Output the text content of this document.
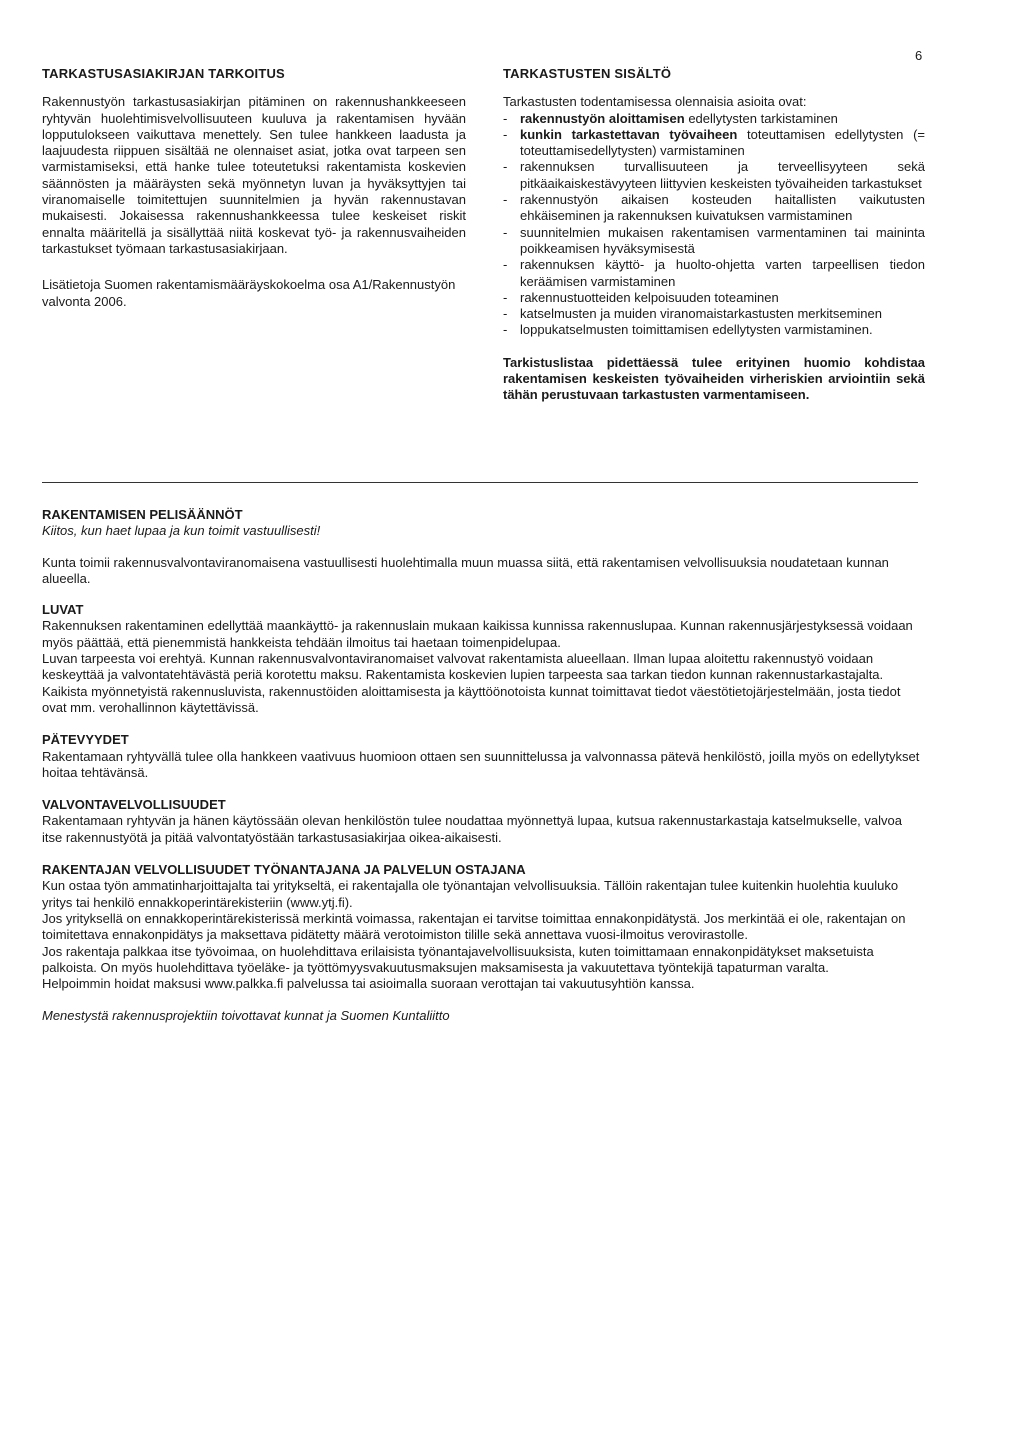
6

TARKASTUSASIAKIRJAN TARKOITUS

Rakennustyön tarkastusasiakirjan pitäminen on rakennushankkeeseen ryhtyvän huolehtimisvelvollisuuteen kuuluva ja rakentamisen hyvään lopputulokseen vaikuttava menettely. Sen tulee hankkeen laadusta ja laajuudesta riippuen sisältää ne olennaiset asiat, jotka ovat tarpeen sen varmistamiseksi, että hanke tulee toteutetuksi rakentamista koskevien säännösten ja määräysten sekä myönnetyn luvan ja hyväksyttyjen tai viranomaiselle toimitettujen suunnitelmien ja hyvän rakennustavan mukaisesti. Jokaisessa rakennushankkeessa tulee keskeiset riskit ennalta määritellä ja sisällyttää niitä koskevat työ- ja rakennusvaiheiden tarkastukset työmaan tarkastusasiakirjaan.

Lisätietoja Suomen rakentamismääräyskokoelma osa A1/Rakennustyön valvonta 2006.

TARKASTUSTEN SISÄLTÖ

Tarkastusten todentamisessa olennaisia asioita ovat:

- rakennustyön aloittamisen edellytysten tarkistaminen
- kunkin tarkastettavan työvaiheen toteuttamisen edellytysten (= toteuttamisedellytysten) varmistaminen
- rakennuksen turvallisuuteen ja terveellisyyteen sekä pitkäaikaiskestävyyteen liittyvien keskeisten työvaiheiden tarkastukset
- rakennustyön aikaisen kosteuden haitallisten vaikutusten ehkäiseminen ja rakennuksen kuivatuksen varmistaminen
- suunnitelmien mukaisen rakentamisen varmentaminen tai maininta poikkeamisen hyväksymisestä
- rakennuksen käyttö- ja huolto-ohjetta varten tarpeellisen tiedon keräämisen varmistaminen
- rakennustuotteiden kelpoisuuden toteaminen
- katselmusten ja muiden viranomaistarkastusten merkitseminen
- loppukatselmusten toimittamisen edellytysten varmistaminen.

Tarkistuslistaa pidettäessä tulee erityinen huomio kohdistaa rakentamisen keskeisten työvaiheiden virheriskien arviointiin sekä tähän perustuvaan tarkastusten varmentamiseen.

RAKENTAMISEN PELISÄÄNNÖT

Kiitos, kun haet lupaa ja kun toimit vastuullisesti!

Kunta toimii rakennusvalvontaviranomaisena vastuullisesti huolehtimalla muun muassa siitä, että rakentamisen velvollisuuksia noudatetaan kunnan alueella.

LUVAT

Rakennuksen rakentaminen edellyttää maankäyttö- ja rakennuslain mukaan kaikissa kunnissa rakennuslupaa. Kunnan rakennusjärjestyksessä voidaan myös päättää, että pienemmistä hankkeista tehdään ilmoitus tai haetaan toimenpidelupaa.

Luvan tarpeesta voi erehtyä. Kunnan rakennusvalvontaviranomaiset valvovat rakentamista alueellaan. Ilman lupaa aloitettu rakennustyö voidaan keskeyttää ja valvontatehtävästä periä korotettu maksu. Rakentamista koskevien lupien tarpeesta saa tarkan tiedon kunnan rakennustarkastajalta.

Kaikista myönnetyistä rakennusluvista, rakennustöiden aloittamisesta ja käyttöönotoista kunnat toimittavat tiedot väestötietojärjestelmään, josta tiedot ovat mm. verohallinnon käytettävissä.

PÄTEVYYDET

Rakentamaan ryhtyvällä tulee olla hankkeen vaativuus huomioon ottaen sen suunnittelussa ja valvonnassa pätevä henkilöstö, joilla myös on edellytykset hoitaa tehtävänsä.

VALVONTAVELVOLLISUUDET

Rakentamaan ryhtyvän ja hänen käytössään olevan henkilöstön tulee noudattaa myönnettyä lupaa, kutsua rakennustarkastaja katselmukselle, valvoa itse rakennustyötä ja pitää valvontatyöstään tarkastusasiakirjaa oikea-aikaisesti.

RAKENTAJAN VELVOLLISUUDET TYÖNANTAJANA JA PALVELUN OSTAJANA

Kun ostaa työn ammatinharjoittajalta tai yritykseltä, ei rakentajalla ole työnantajan velvollisuuksia. Tällöin rakentajan tulee kuitenkin huolehtia kuuluko yritys tai henkilö ennakkoperintärekisteriin (www.ytj.fi).

Jos yrityksellä on ennakkoperintärekisterissä merkintä voimassa, rakentajan ei tarvitse toimittaa ennakonpidätystä. Jos merkintää ei ole, rakentajan on toimitettava ennakonpidätys ja maksettava pidätetty määrä verotoimiston tilille sekä annettava vuosi-ilmoitus verovirastolle.

Jos rakentaja palkkaa itse työvoimaa, on huolehdittava erilaisista työnantajavelvollisuuksista, kuten toimittamaan ennakonpidätykset maksetuista palkoista. On myös huolehdittava työeläke- ja työttömyysvakuutusmaksujen maksamisesta ja vakuutettava työntekijä tapaturman varalta.

Helpoimmin hoidat maksusi www.palkka.fi palvelussa tai asioimalla suoraan verottajan tai vakuutusyhtiön kanssa.

Menestystä rakennusprojektiin toivottavat kunnat ja Suomen Kuntaliitto
